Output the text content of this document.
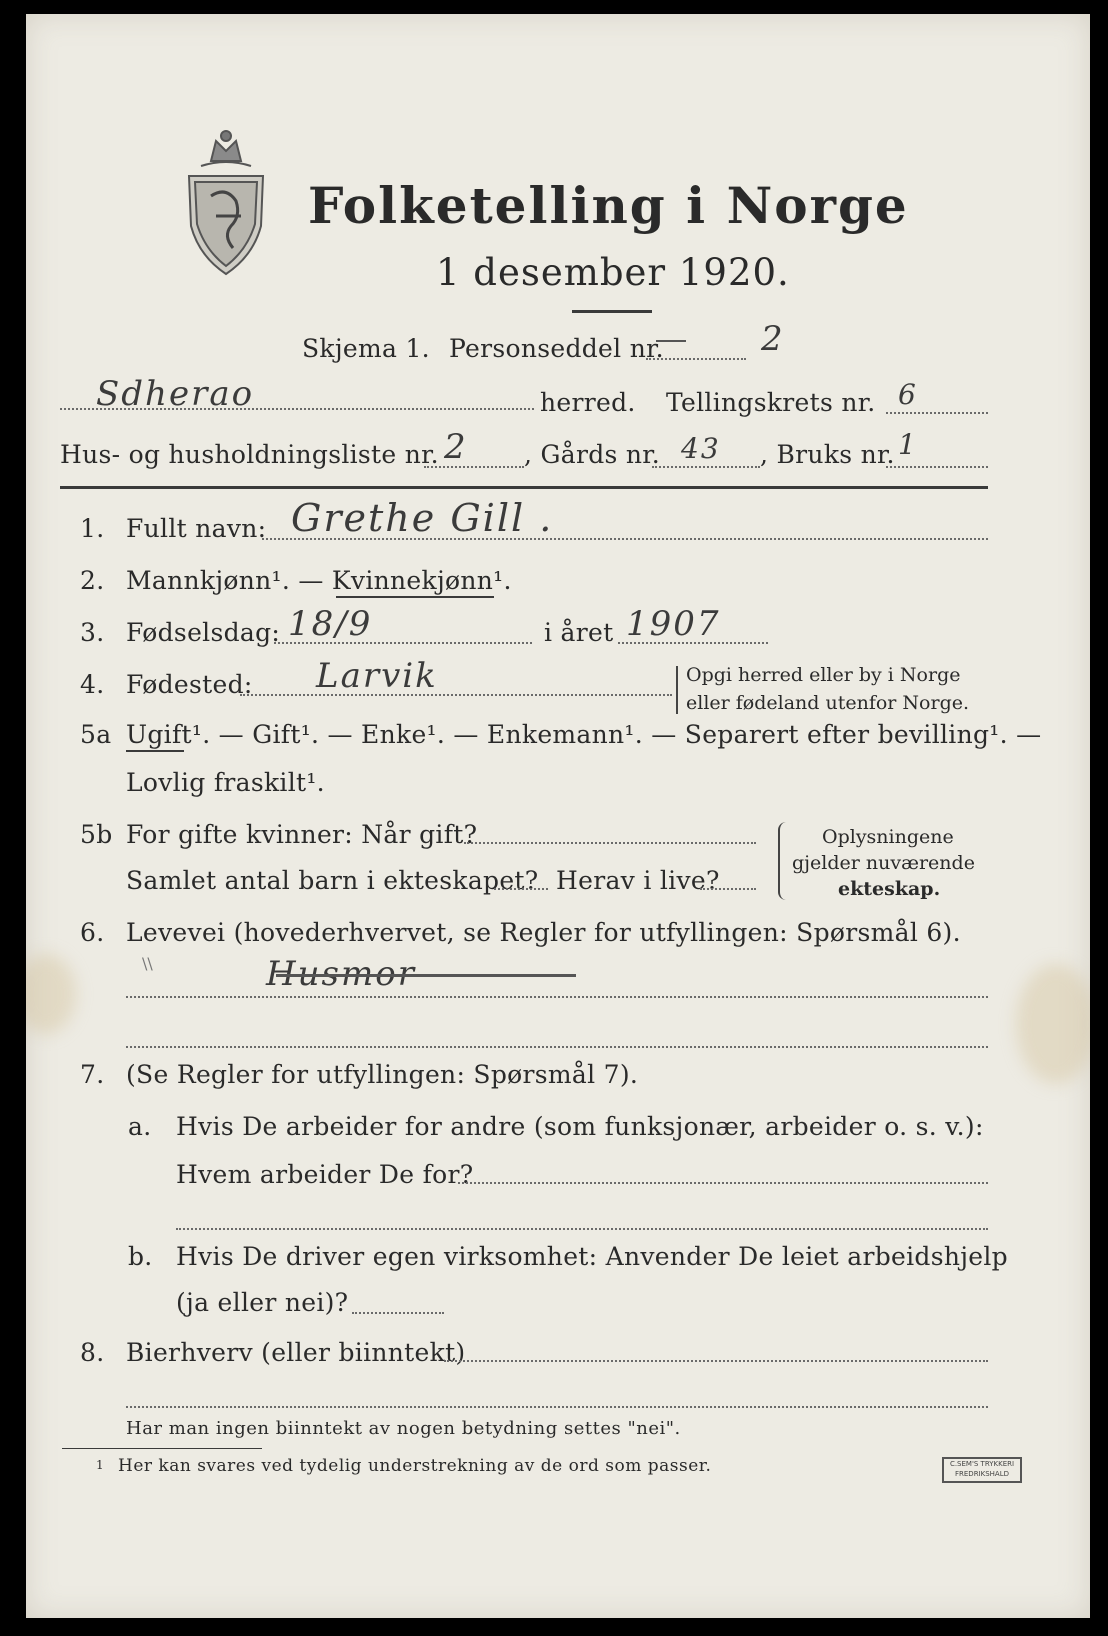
Folketelling i Norge
1 desember 1920.
Skjema 1. Personseddel nr.	2
Sdherao	herred. Tellingskrets nr. 6
Hus- og husholdningsliste nr. 2 , Gårds nr. 43 , Bruks nr. 1
1. Fullt navn: Grethe Gill .
2. Mannkjønn¹. — Kvinnekjønn¹.
3. Fødselsdag: 18/9	i året 1907
4. Fødested: Larvik	Opgi herred eller by i Norge
eller fødeland utenfor Norge.
5a Ugift¹. — Gift¹. — Enke¹. — Enkemann¹. — Separert efter bevilling¹. —
Lovlig fraskilt¹.
5b For gifte kvinner: Når gift?
Samlet antal barn i ekteskapet? Herav i live?
Oplysningene
gjelder nuværende
ekteskap.
6. Levevei (hovederhvervet, se Regler for utfyllingen: Spørsmål 6).
\\	Husmor
7. (Se Regler for utfyllingen: Spørsmål 7).
a. Hvis De arbeider for andre (som funksjonær, arbeider o. s. v.):
Hvem arbeider De for?
b. Hvis De driver egen virksomhet: Anvender De leiet arbeidshjelp
(ja eller nei)?
8. Bierhverv (eller biinntekt)
Har man ingen biinntekt av nogen betydning settes "nei".
1 Her kan svares ved tydelig understrekning av de ord som passer.	C.SEM'S TRYKKERI FREDRIKSHALD
